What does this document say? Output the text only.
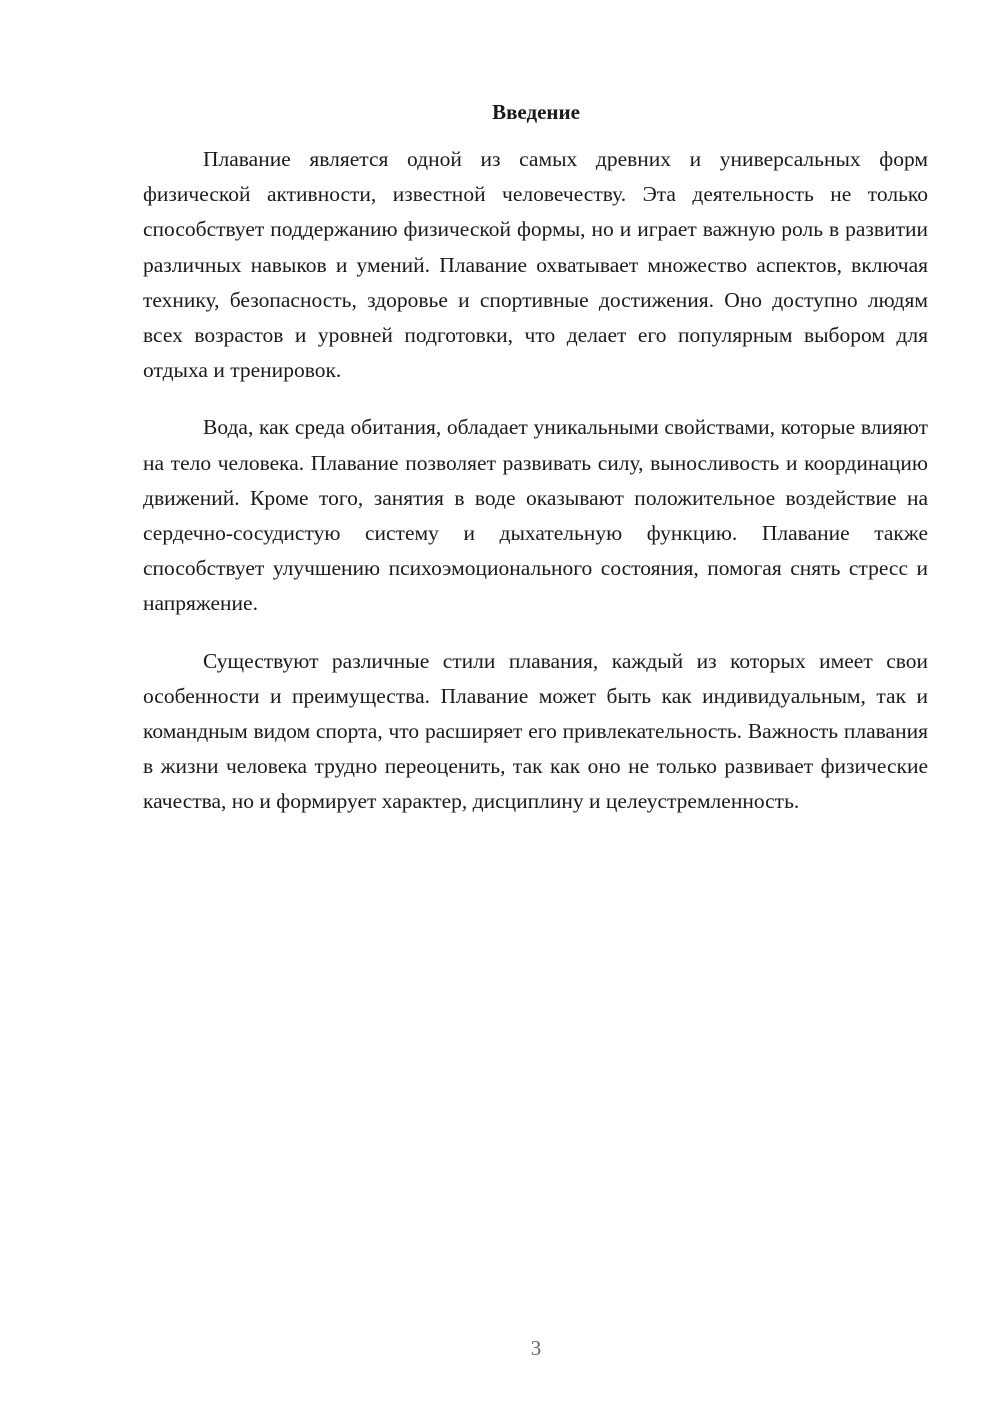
Введение

Плавание является одной из самых древних и универсальных форм физической активности, известной человечеству. Эта деятельность не только способствует поддержанию физической формы, но и играет важную роль в развитии различных навыков и умений. Плавание охватывает множество аспектов, включая технику, безопасность, здоровье и спортивные достижения. Оно доступно людям всех возрастов и уровней подготовки, что делает его популярным выбором для отдыха и тренировок.

Вода, как среда обитания, обладает уникальными свойствами, которые влияют на тело человека. Плавание позволяет развивать силу, выносливость и координацию движений. Кроме того, занятия в воде оказывают положительное воздействие на сердечно-сосудистую систему и дыхательную функцию. Плавание также способствует улучшению психоэмоционального состояния, помогая снять стресс и напряжение.

Существуют различные стили плавания, каждый из которых имеет свои особенности и преимущества. Плавание может быть как индивидуальным, так и командным видом спорта, что расширяет его привлекательность. Важность плавания в жизни человека трудно переоценить, так как оно не только развивает физические качества, но и формирует характер, дисциплину и целеустремленность.

3
